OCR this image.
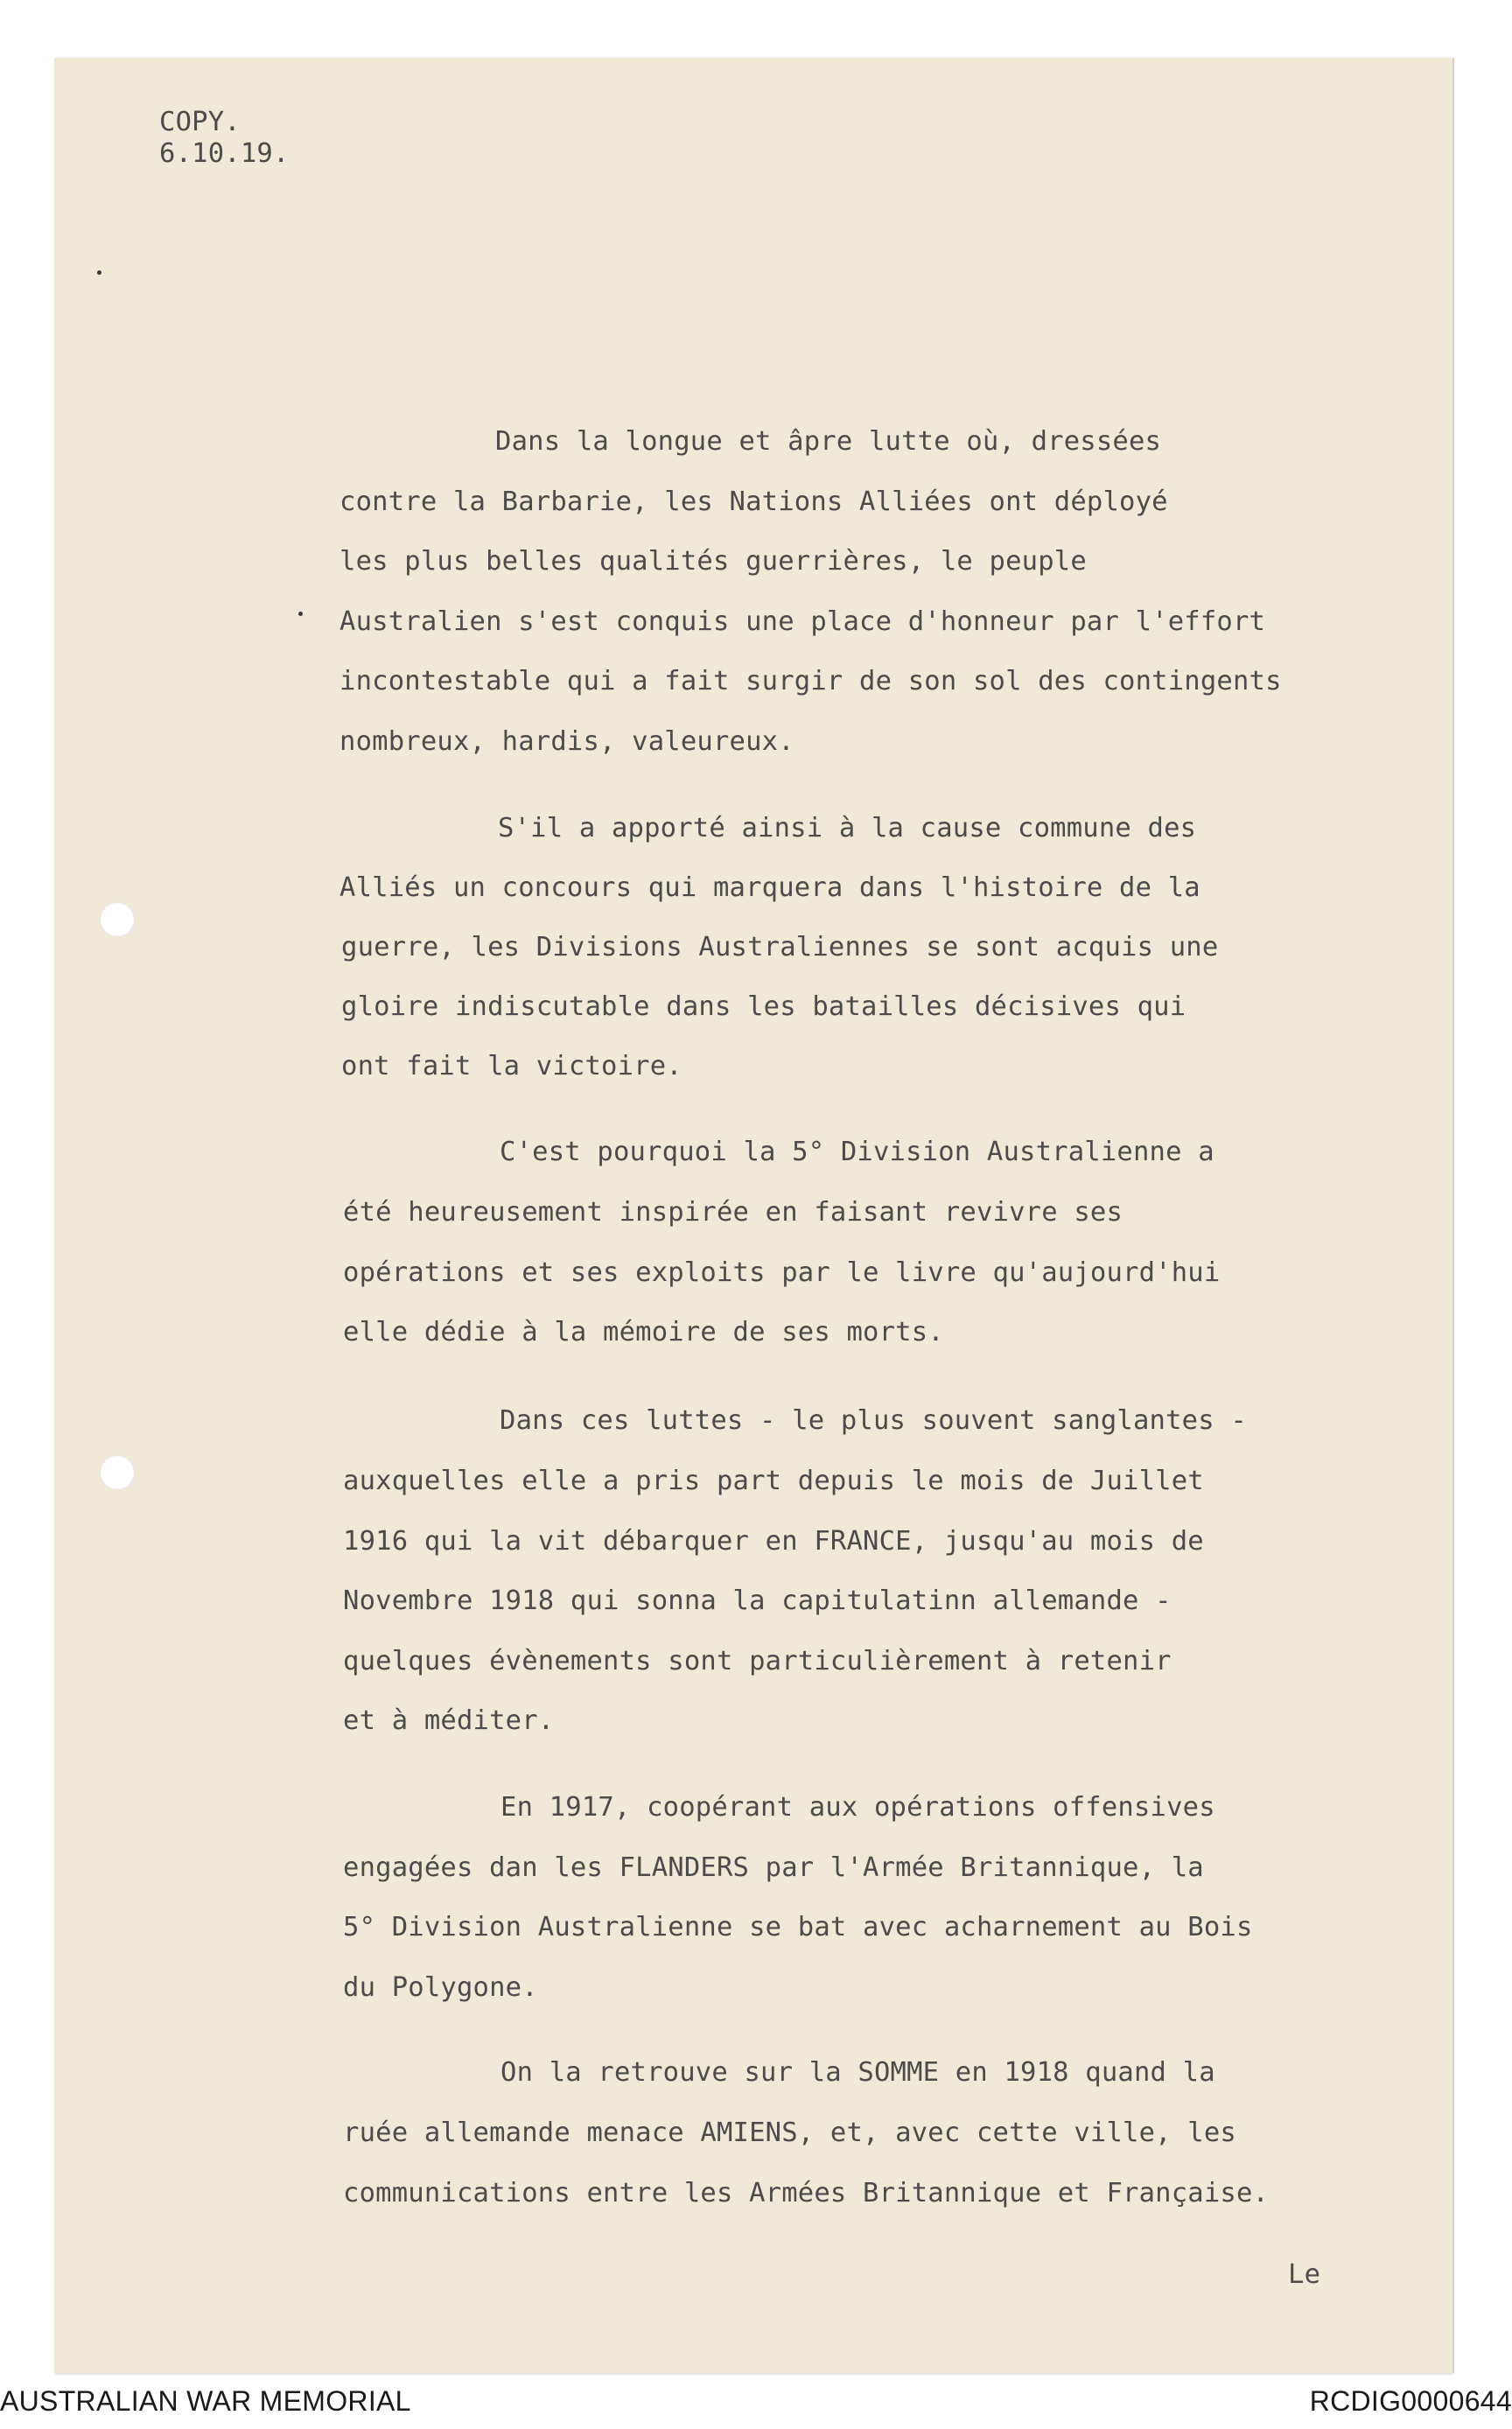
COPY.
6.10.19.
Dans la longue et âpre lutte où, dressées
contre la Barbarie, les Nations Alliées ont déployé
les plus belles qualités guerrières, le peuple
Australien s'est conquis une place d'honneur par l'effort
incontestable qui a fait surgir de son sol des contingents
nombreux, hardis, valeureux.
S'il a apporté ainsi à la cause commune des
Alliés un concours qui marquera dans l'histoire de la
guerre, les Divisions Australiennes se sont acquis une
gloire indiscutable dans les batailles décisives qui
ont fait la victoire.
C'est pourquoi la 5° Division Australienne a
été heureusement inspirée en faisant revivre ses
opérations et ses exploits par le livre qu'aujourd'hui
elle dédie à la mémoire de ses morts.
Dans ces luttes - le plus souvent sanglantes -
auxquelles elle a pris part depuis le mois de Juillet
1916 qui la vit débarquer en FRANCE, jusqu'au mois de
Novembre 1918 qui sonna la capitulatinn allemande -
quelques évènements sont particulièrement à retenir
et à méditer.
En 1917, coopérant aux opérations offensives
engagées dan les FLANDERS par l'Armée Britannique, la
5° Division Australienne se bat avec acharnement au Bois
du Polygone.
On la retrouve sur la SOMME en 1918 quand la
ruée allemande menace AMIENS, et, avec cette ville, les
communications entre les Armées Britannique et Française.
Le
AUSTRALIAN WAR MEMORIAL	RCDIG0000644
